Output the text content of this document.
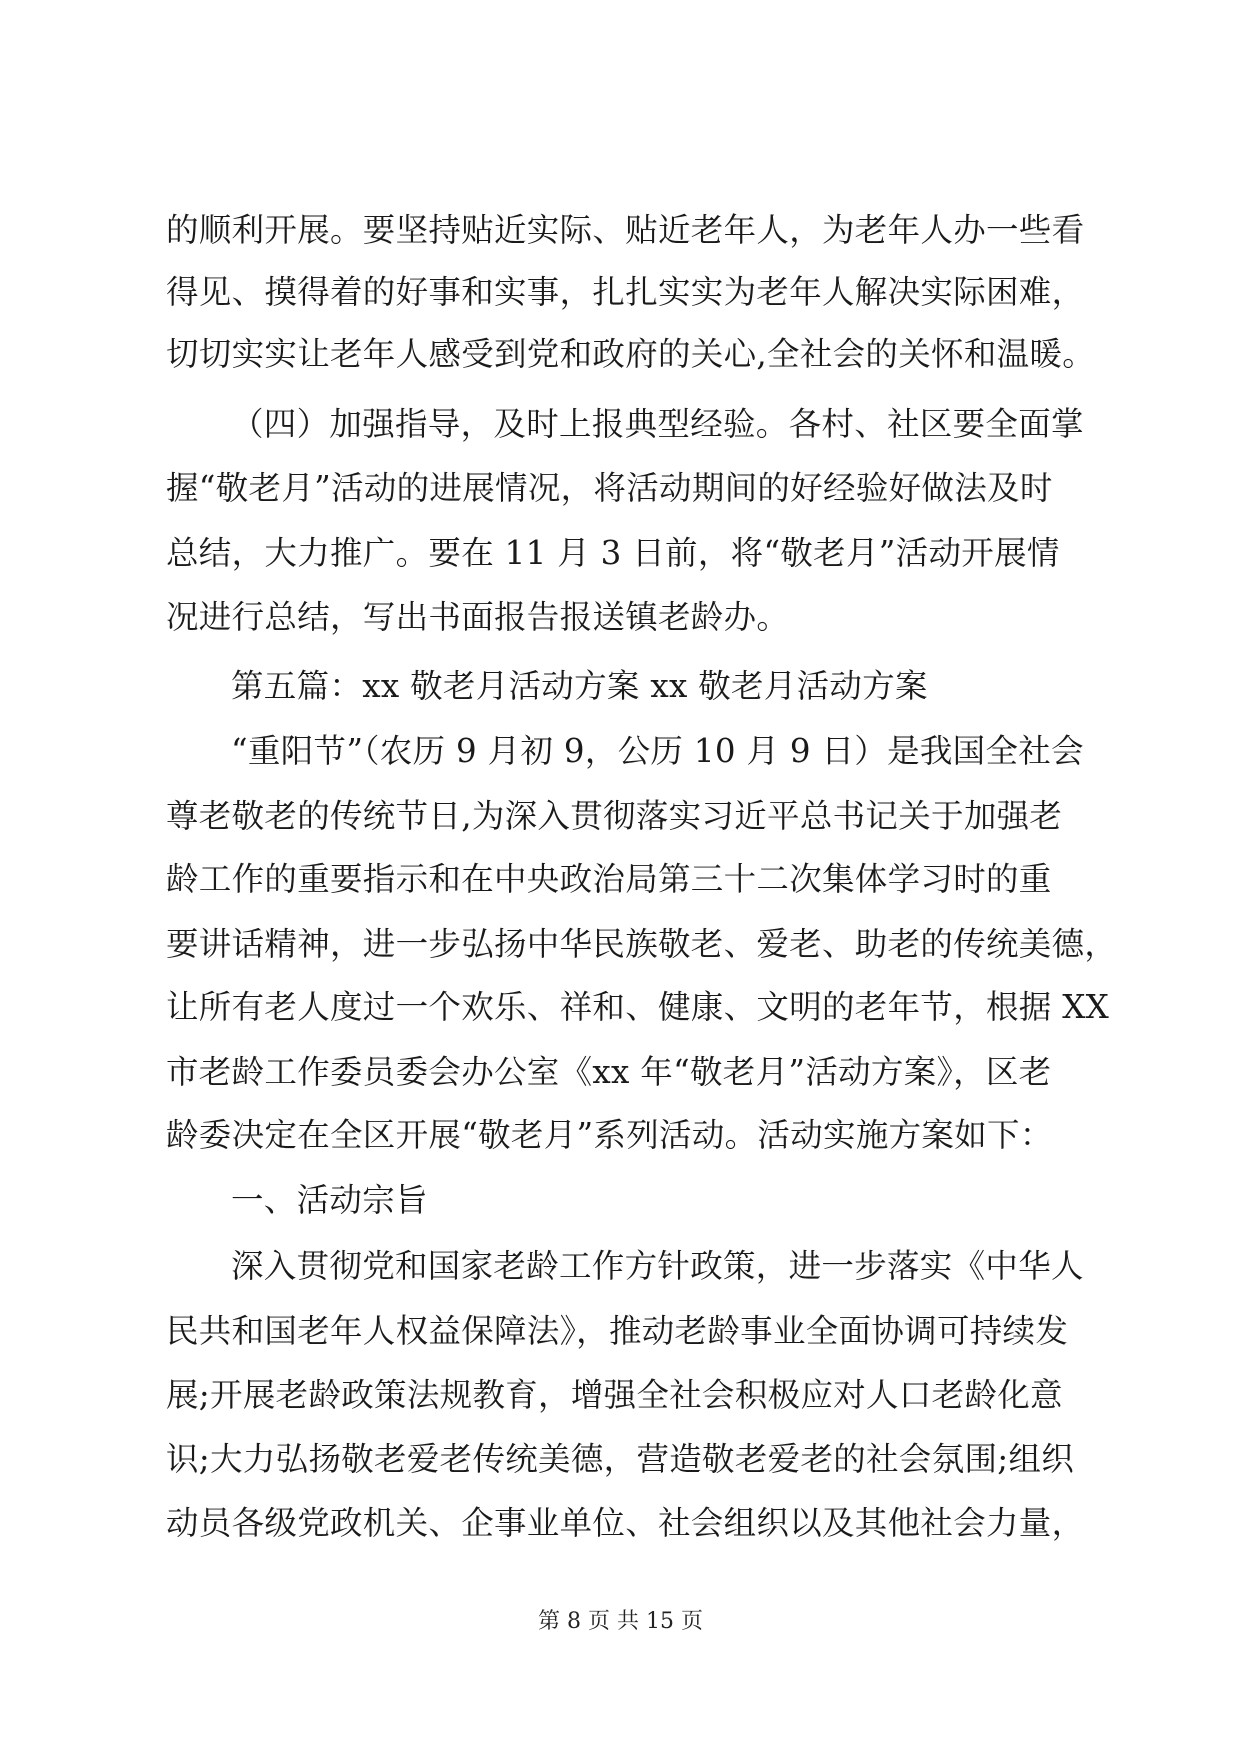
的顺利开展。要坚持贴近实际、贴近老年人，为老年人办一些看
得见、摸得着的好事和实事，扎扎实实为老年人解决实际困难，
切切实实让老年人感受到党和政府的关心,全社会的关怀和温暖。
（四）加强指导，及时上报典型经验。各村、社区要全面掌
握“敬老月”活动的进展情况，将活动期间的好经验好做法及时
总结，大力推广。要在 11 月 3 日前，将“敬老月”活动开展情
况进行总结，写出书面报告报送镇老龄办。
第五篇：xx 敬老月活动方案 xx 敬老月活动方案
“重阳节”（农历 9 月初 9，公历 10 月 9 日）是我国全社会
尊老敬老的传统节日,为深入贯彻落实习近平总书记关于加强老
龄工作的重要指示和在中央政治局第三十二次集体学习时的重
要讲话精神，进一步弘扬中华民族敬老、爱老、助老的传统美德，
让所有老人度过一个欢乐、祥和、健康、文明的老年节，根据 XX
市老龄工作委员委会办公室《xx 年“敬老月”活动方案》，区老
龄委决定在全区开展“敬老月”系列活动。活动实施方案如下：
一、活动宗旨
深入贯彻党和国家老龄工作方针政策，进一步落实《中华人
民共和国老年人权益保障法》，推动老龄事业全面协调可持续发
展;开展老龄政策法规教育，增强全社会积极应对人口老龄化意
识;大力弘扬敬老爱老传统美德，营造敬老爱老的社会氛围;组织
动员各级党政机关、企事业单位、社会组织以及其他社会力量，
第 8 页 共 15 页
